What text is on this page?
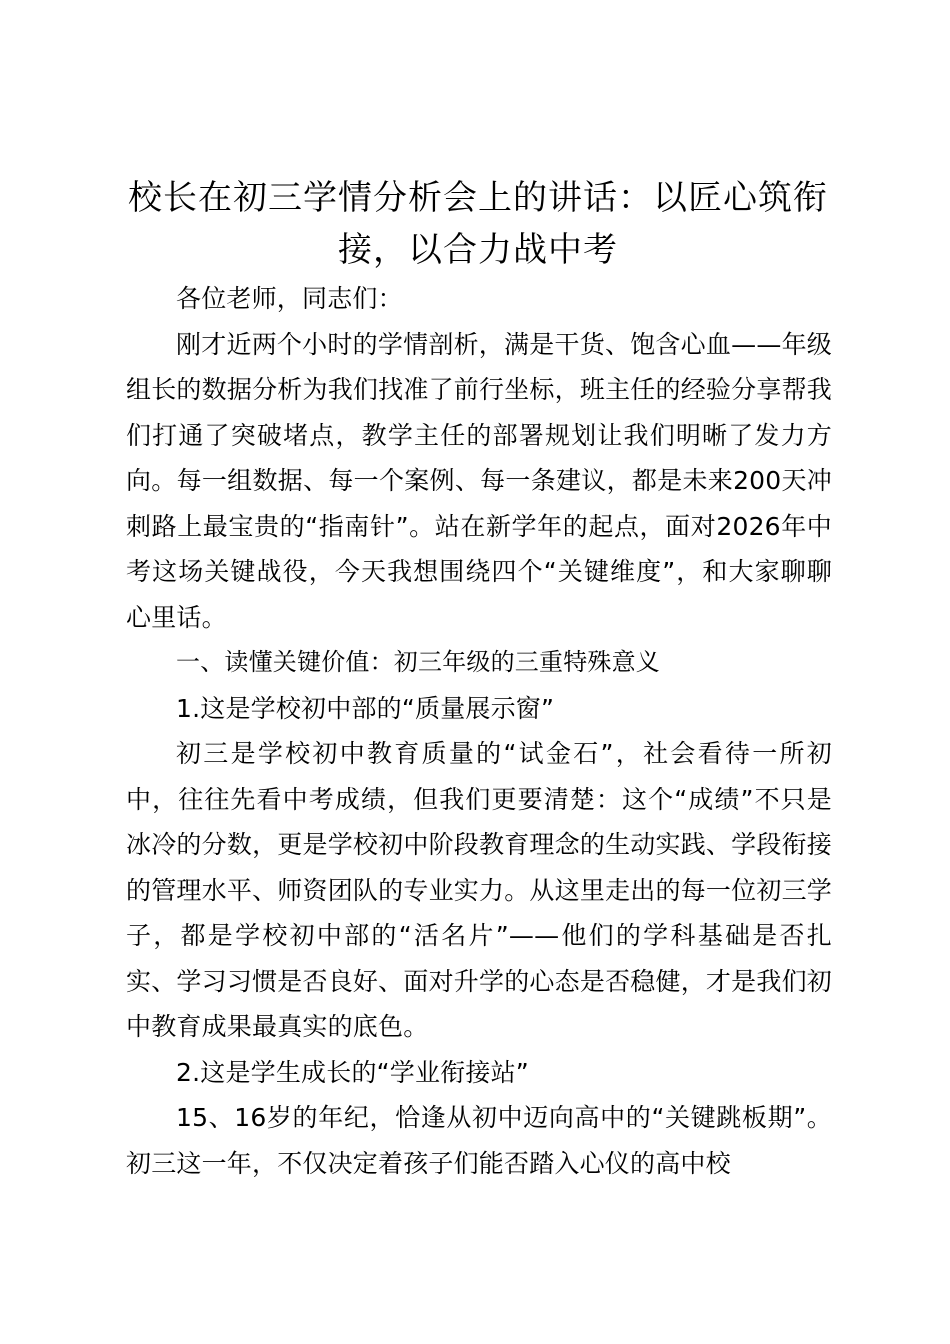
校长在初三学情分析会上的讲话：以匠心筑衔接，以合力战中考

各位老师，同志们：

刚才近两个小时的学情剖析，满是干货、饱含心血——年级组长的数据分析为我们找准了前行坐标，班主任的经验分享帮我们打通了突破堵点，教学主任的部署规划让我们明晰了发力方向。每一组数据、每一个案例、每一条建议，都是未来200天冲刺路上最宝贵的“指南针”。站在新学年的起点，面对2026年中考这场关键战役，今天我想围绕四个“关键维度”，和大家聊聊心里话。

一、读懂关键价值：初三年级的三重特殊意义

1.这是学校初中部的“质量展示窗”

初三是学校初中教育质量的“试金石”，社会看待一所初中，往往先看中考成绩，但我们更要清楚：这个“成绩”不只是冰冷的分数，更是学校初中阶段教育理念的生动实践、学段衔接的管理水平、师资团队的专业实力。从这里走出的每一位初三学子，都是学校初中部的“活名片”——他们的学科基础是否扎实、学习习惯是否良好、面对升学的心态是否稳健，才是我们初中教育成果最真实的底色。

2.这是学生成长的“学业衔接站”

15、16岁的年纪，恰逢从初中迈向高中的“关键跳板期”。初三这一年，不仅决定着孩子们能否踏入心仪的高中校
